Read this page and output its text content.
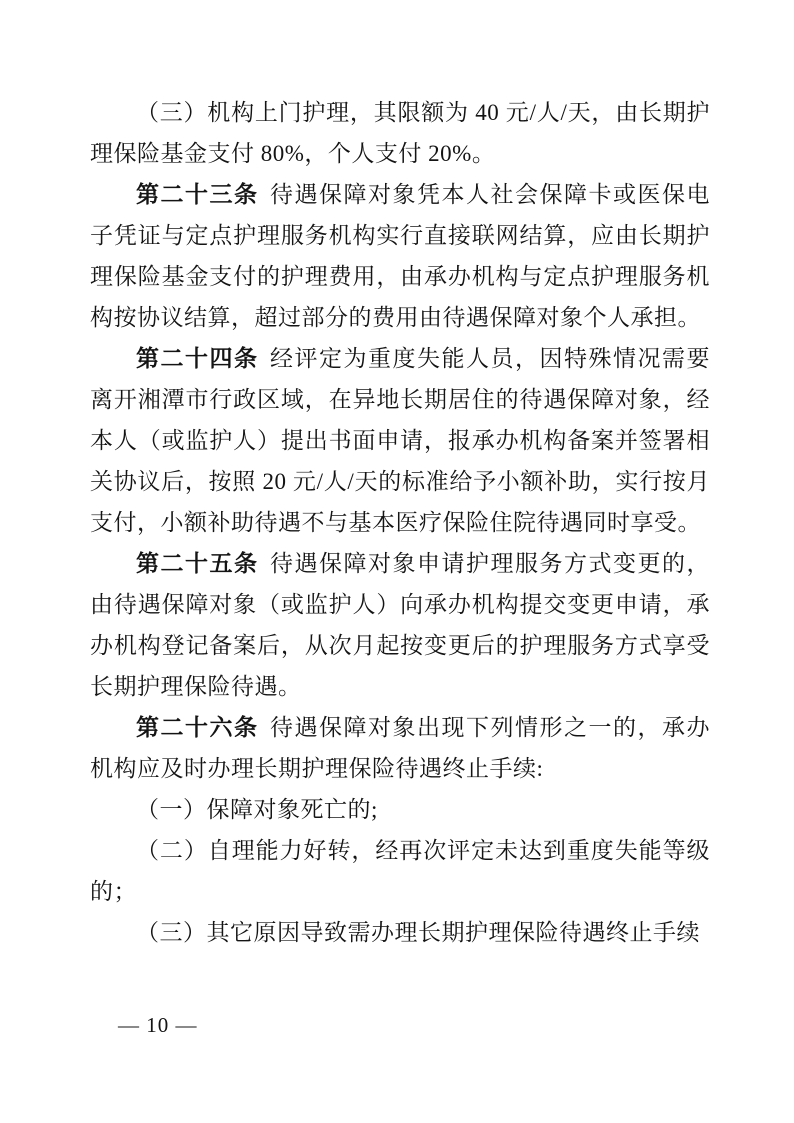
（三）机构上门护理，其限额为 40 元/人/天，由长期护理保险基金支付 80%，个人支付 20%。

第二十三条 待遇保障对象凭本人社会保障卡或医保电子凭证与定点护理服务机构实行直接联网结算，应由长期护理保险基金支付的护理费用，由承办机构与定点护理服务机构按协议结算，超过部分的费用由待遇保障对象个人承担。

第二十四条 经评定为重度失能人员，因特殊情况需要离开湘潭市行政区域，在异地长期居住的待遇保障对象，经本人（或监护人）提出书面申请，报承办机构备案并签署相关协议后，按照 20 元/人/天的标准给予小额补助，实行按月支付，小额补助待遇不与基本医疗保险住院待遇同时享受。

第二十五条 待遇保障对象申请护理服务方式变更的，由待遇保障对象（或监护人）向承办机构提交变更申请，承办机构登记备案后，从次月起按变更后的护理服务方式享受长期护理保险待遇。

第二十六条 待遇保障对象出现下列情形之一的，承办机构应及时办理长期护理保险待遇终止手续:

（一）保障对象死亡的;

（二）自理能力好转，经再次评定未达到重度失能等级的；

（三）其它原因导致需办理长期护理保险待遇终止手续

— 10 —
